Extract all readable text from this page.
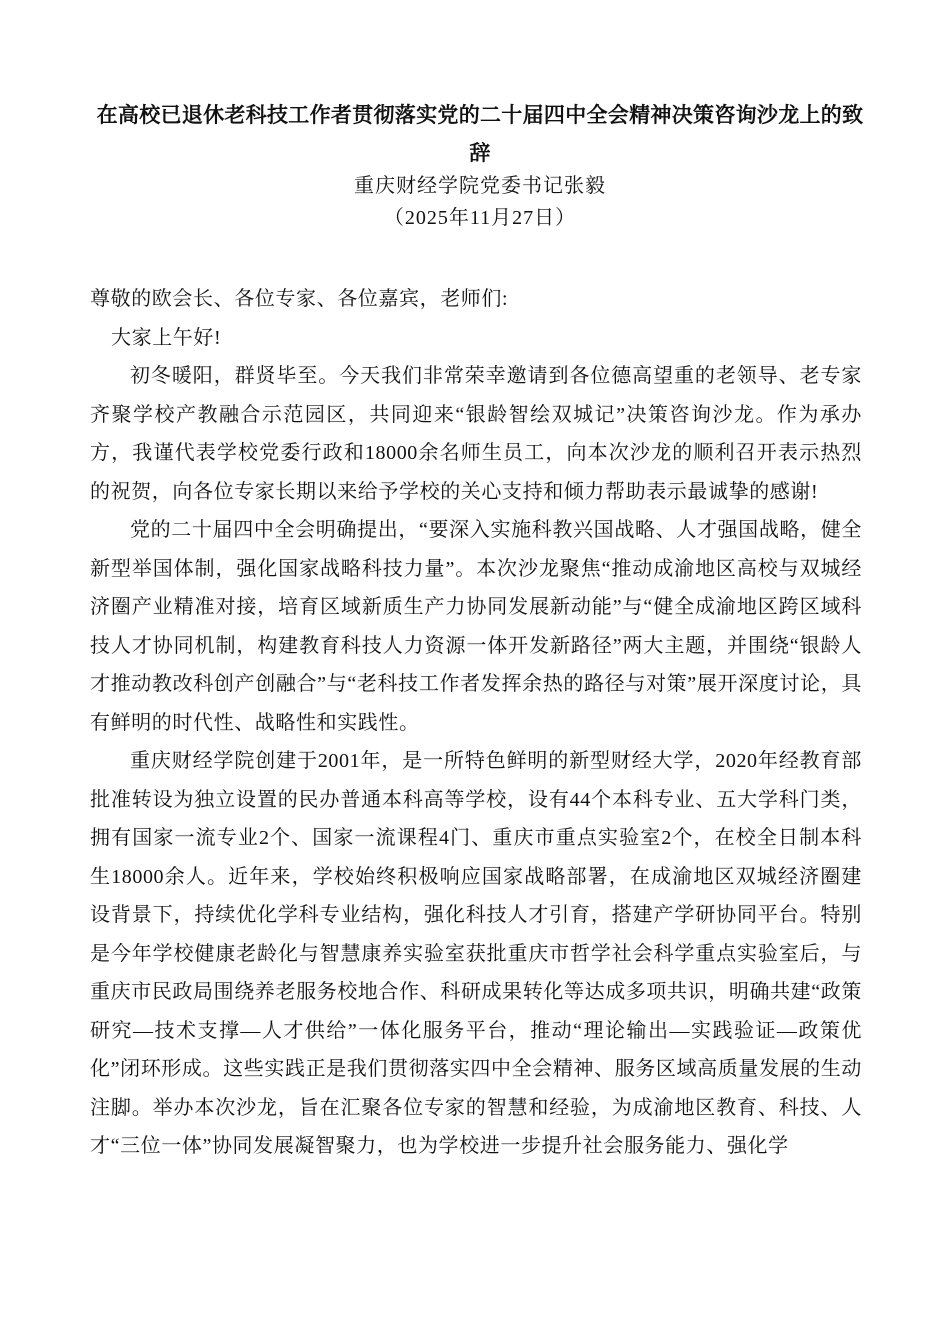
在高校已退休老科技工作者贯彻落实党的二十届四中全会精神决策咨询沙龙上的致辞

重庆财经学院党委书记张毅

（2025年11月27日）

尊敬的欧会长、各位专家、各位嘉宾，老师们:

大家上午好!

初冬暖阳，群贤毕至。今天我们非常荣幸邀请到各位德高望重的老领导、老专家齐聚学校产教融合示范园区，共同迎来“银龄智绘双城记”决策咨询沙龙。作为承办方，我谨代表学校党委行政和18000余名师生员工，向本次沙龙的顺利召开表示热烈的祝贺，向各位专家长期以来给予学校的关心支持和倾力帮助表示最诚挚的感谢!

党的二十届四中全会明确提出，“要深入实施科教兴国战略、人才强国战略，健全新型举国体制，强化国家战略科技力量”。本次沙龙聚焦“推动成渝地区高校与双城经济圈产业精准对接，培育区域新质生产力协同发展新动能”与“健全成渝地区跨区域科技人才协同机制，构建教育科技人力资源一体开发新路径”两大主题，并围绕“银龄人才推动教改科创产创融合”与“老科技工作者发挥余热的路径与对策”展开深度讨论，具有鲜明的时代性、战略性和实践性。

重庆财经学院创建于2001年，是一所特色鲜明的新型财经大学，2020年经教育部批准转设为独立设置的民办普通本科高等学校，设有44个本科专业、五大学科门类，拥有国家一流专业2个、国家一流课程4门、重庆市重点实验室2个，在校全日制本科生18000余人。近年来，学校始终积极响应国家战略部署，在成渝地区双城经济圈建设背景下，持续优化学科专业结构，强化科技人才引育，搭建产学研协同平台。特别是今年学校健康老龄化与智慧康养实验室获批重庆市哲学社会科学重点实验室后，与重庆市民政局围绕养老服务校地合作、科研成果转化等达成多项共识，明确共建“政策研究—技术支撑—人才供给”一体化服务平台，推动“理论输出—实践验证—政策优化”闭环形成。这些实践正是我们贯彻落实四中全会精神、服务区域高质量发展的生动注脚。举办本次沙龙，旨在汇聚各位专家的智慧和经验，为成渝地区教育、科技、人才“三位一体”协同发展凝智聚力，也为学校进一步提升社会服务能力、强化学
